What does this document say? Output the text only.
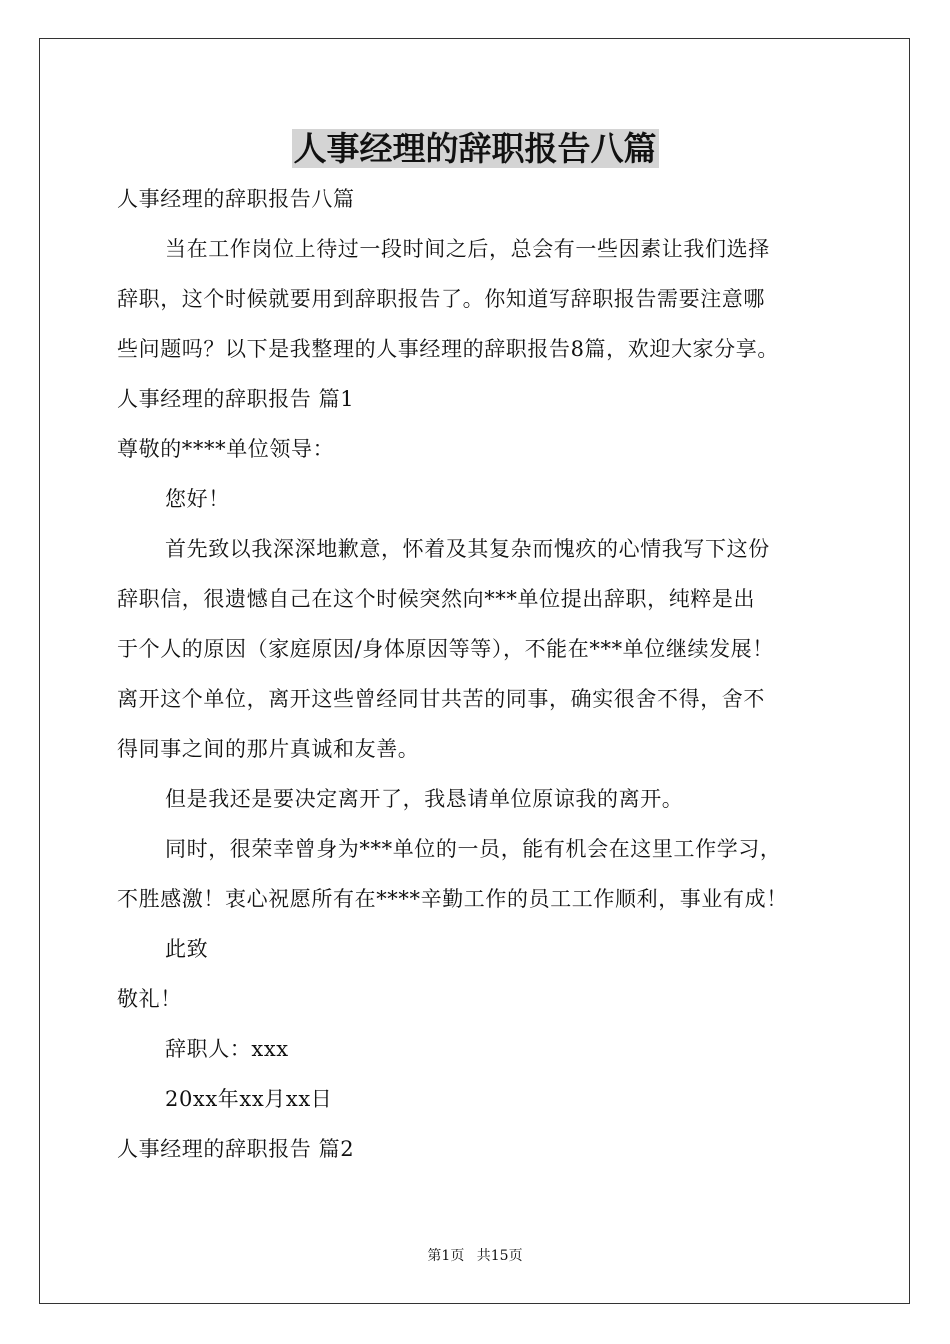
人事经理的辞职报告八篇

人事经理的辞职报告八篇

当在工作岗位上待过一段时间之后，总会有一些因素让我们选择

辞职，这个时候就要用到辞职报告了。你知道写辞职报告需要注意哪

些问题吗？以下是我整理的人事经理的辞职报告8篇，欢迎大家分享。

人事经理的辞职报告 篇1

尊敬的****单位领导：

您好！

首先致以我深深地歉意，怀着及其复杂而愧疚的心情我写下这份

辞职信，很遗憾自己在这个时候突然向***单位提出辞职，纯粹是出

于个人的原因（家庭原因/身体原因等等），不能在***单位继续发展！

离开这个单位，离开这些曾经同甘共苦的同事，确实很舍不得，舍不

得同事之间的那片真诚和友善。

但是我还是要决定离开了，我恳请单位原谅我的离开。

同时，很荣幸曾身为***单位的一员，能有机会在这里工作学习，

不胜感激！衷心祝愿所有在****辛勤工作的员工工作顺利，事业有成！

此致

敬礼！

辞职人：xxx

20xx年xx月xx日

人事经理的辞职报告 篇2

第1页 共15页
